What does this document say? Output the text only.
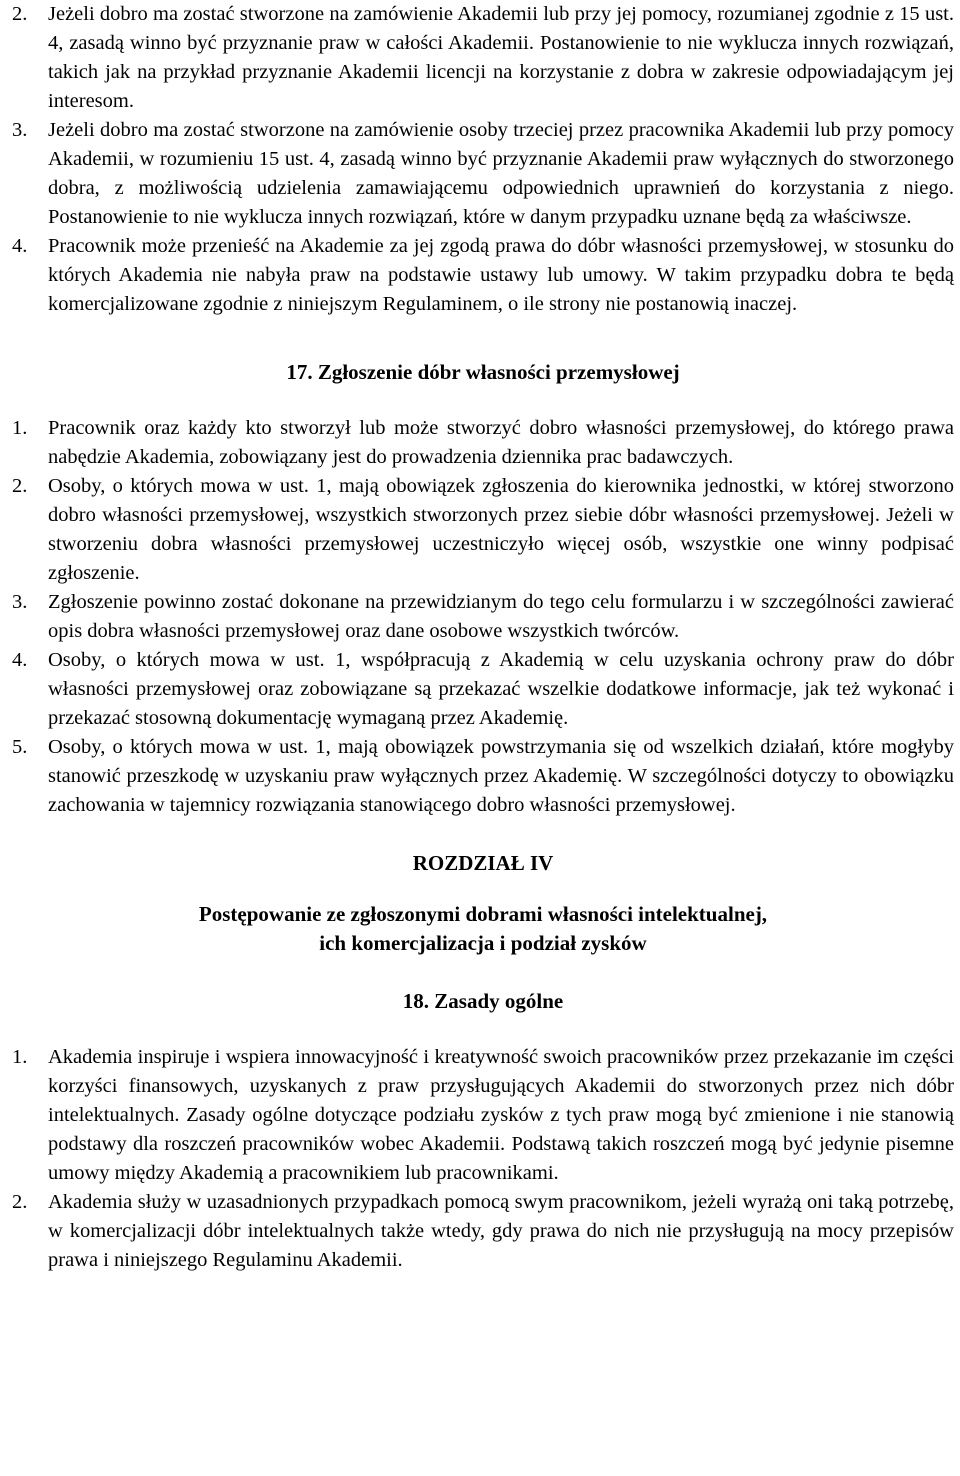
2.	Jeżeli dobro ma zostać stworzone na zamówienie Akademii lub przy jej pomocy, rozumianej zgodnie z 15 ust. 4, zasadą winno być przyznanie praw w całości Akademii. Postanowienie to nie wyklucza innych rozwiązań, takich jak na przykład przyznanie Akademii licencji na korzystanie z dobra w zakresie odpowiadającym jej interesom.
3.	Jeżeli dobro ma zostać stworzone na zamówienie osoby trzeciej przez pracownika Akademii lub przy pomocy Akademii, w rozumieniu 15 ust. 4, zasadą winno być przyznanie Akademii praw wyłącznych do stworzonego dobra, z możliwością udzielenia zamawiającemu odpowiednich uprawnień do korzystania z niego. Postanowienie to nie wyklucza innych rozwiązań, które w danym przypadku uznane będą za właściwsze.
4.	Pracownik może przenieść na Akademie za jej zgodą prawa do dóbr własności przemysłowej, w stosunku do których Akademia nie nabyła praw na podstawie ustawy lub umowy. W takim przypadku dobra te będą komercjalizowane zgodnie z niniejszym Regulaminem, o ile strony nie postanowią inaczej.
17. Zgłoszenie dóbr własności przemysłowej
1.	Pracownik oraz każdy kto stworzył lub może stworzyć dobro własności przemysłowej, do którego prawa nabędzie Akademia, zobowiązany jest do prowadzenia dziennika prac badawczych.
2.	Osoby, o których mowa w ust. 1, mają obowiązek zgłoszenia do kierownika jednostki, w której stworzono dobro własności przemysłowej, wszystkich stworzonych przez siebie dóbr własności przemysłowej. Jeżeli w stworzeniu dobra własności przemysłowej uczestniczyło więcej osób, wszystkie one winny podpisać zgłoszenie.
3.	Zgłoszenie powinno zostać dokonane na przewidzianym do tego celu formularzu i w szczególności zawierać opis dobra własności przemysłowej oraz dane osobowe wszystkich twórców.
4.	Osoby, o których mowa w ust. 1, współpracują z Akademią w celu uzyskania ochrony praw do dóbr własności przemysłowej oraz zobowiązane są przekazać wszelkie dodatkowe informacje, jak też wykonać i przekazać stosowną dokumentację wymaganą przez Akademię.
5.	Osoby, o których mowa w ust. 1, mają obowiązek powstrzymania się od wszelkich działań, które mogłyby stanowić przeszkodę w uzyskaniu praw wyłącznych przez Akademię. W szczególności dotyczy to obowiązku zachowania w tajemnicy rozwiązania stanowiącego dobro własności przemysłowej.
ROZDZIAŁ IV
Postępowanie ze zgłoszonymi dobrami własności intelektualnej,
ich komercjalizacja i podział zysków
18. Zasady ogólne
1.	Akademia inspiruje i wspiera innowacyjność i kreatywność swoich pracowników przez przekazanie im części korzyści finansowych, uzyskanych z praw przysługujących Akademii do stworzonych przez nich dóbr intelektualnych. Zasady ogólne dotyczące podziału zysków z tych praw mogą być zmienione i nie stanowią podstawy dla roszczeń pracowników wobec Akademii. Podstawą takich roszczeń mogą być jedynie pisemne umowy między Akademią a pracownikiem lub pracownikami.
2.	Akademia służy w uzasadnionych przypadkach pomocą swym pracownikom, jeżeli wyrażą oni taką potrzebę, w komercjalizacji dóbr intelektualnych także wtedy, gdy prawa do nich nie przysługują na mocy przepisów prawa i niniejszego Regulaminu Akademii.
